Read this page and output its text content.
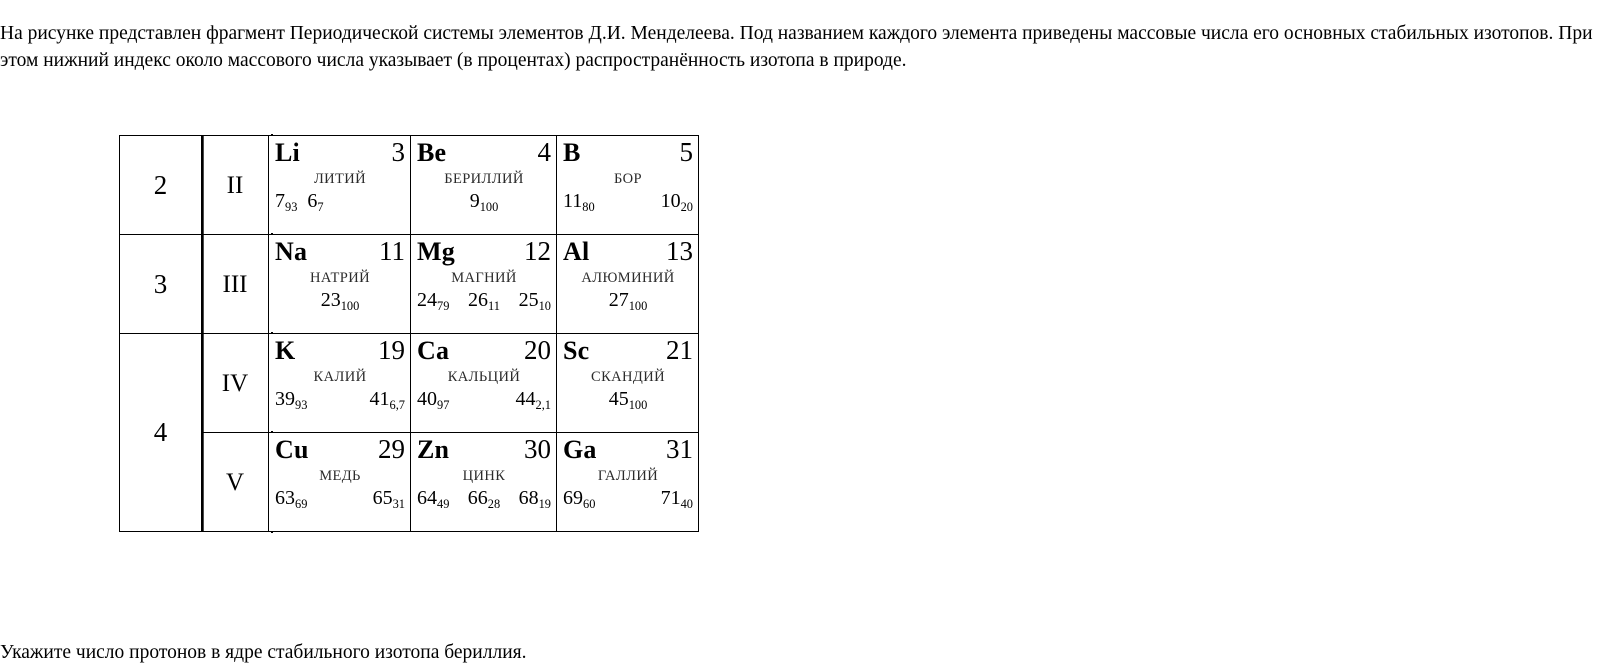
На рисунке представлен фрагмент Периодической системы элементов Д.И. Менделеева. Под названием каждого элемента приведены массовые числа его основных стабильных изотопов. При этом нижний индекс около массового числа указывает (в процентах) распространённость изотопа в природе.

2	II	
Li	3
ЛИТИЙ
$7_{93}$ $6_7$

Be	4
БЕРИЛЛИЙ
$9_{100}$

B	5
БОР
$11_{80}$	$10_{20}$

3	III	
Na	11
НАТРИЙ
$23_{100}$

Mg	12
МАГНИЙ
$24_{79}$ $26_{11}$ $25_{10}$

Al	13
АЛЮМИНИЙ
$27_{100}$

4	IV	
K	19
КАЛИЙ
$39_{93}$	$41_{6,7}$

Ca	20
КАЛЬЦИЙ
$40_{97}$	$44_{2,1}$

Sc	21
СКАНДИЙ
$45_{100}$

V	
Cu	29
МЕДЬ
$63_{69}$	$65_{31}$

Zn	30
ЦИНК
$64_{49}$ $66_{28}$ $68_{19}$

Ga	31
ГАЛЛИЙ
$69_{60}$	$71_{40}$

Укажите число протонов в ядре стабильного изотопа бериллия.
